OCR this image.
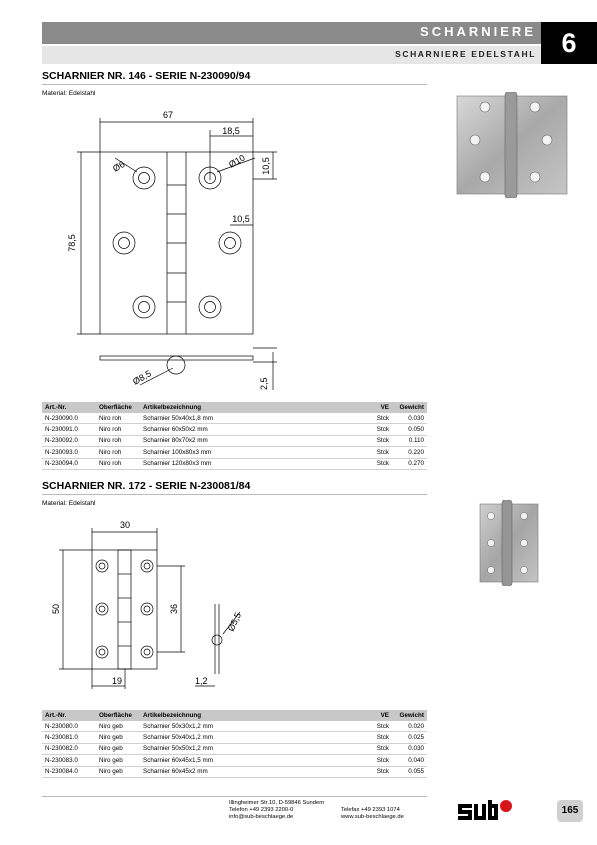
SCHARNIERE
SCHARNIERE EDELSTAHL 6
SCHARNIER NR. 146 - SERIE N-230090/94
Material: Edelstahl
67
18,5
10,5
10,5
78,5
Ø6	Ø10
Ø8,5	2,5
Art.-Nr.	Oberfläche	Artikelbezeichnung	VE	Gewicht
N-230090.0	Niro roh	Scharnier 50x40x1,8 mm	Stck	0.030
N-230091.0	Niro roh	Scharnier 60x50x2 mm	Stck	0.050
N-230092.0	Niro roh	Scharnier 80x70x2 mm	Stck	0.110
N-230093.0	Niro roh	Scharnier 100x80x3 mm	Stck	0.220
N-230094.0	Niro roh	Scharnier 120x80x3 mm	Stck	0.270
SCHARNIER NR. 172 - SERIE N-230081/84
Material: Edelstahl
30
50	36
19	1,2
Ø5,5
Art.-Nr.	Oberfläche	Artikelbezeichnung	VE	Gewicht
N-230080.0	Niro geb	Scharnier 50x30x1,2 mm	Stck	0.020
N-230081.0	Niro geb	Scharnier 50x40x1,2 mm	Stck	0.025
N-230082.0	Niro geb	Scharnier 50x50x1,2 mm	Stck	0.030
N-230083.0	Niro geb	Scharnier 60x45x1,5 mm	Stck	0.040
N-230084.0	Niro geb	Scharnier 60x45x2 mm	Stck	0.055
Illingheimer Str.10, D-59846 Sundern
Telefon +49 2393 2200-0
info@sub-beschlaege.de
Telefax +49 2393 1074
www.sub-beschlaege.de
165
